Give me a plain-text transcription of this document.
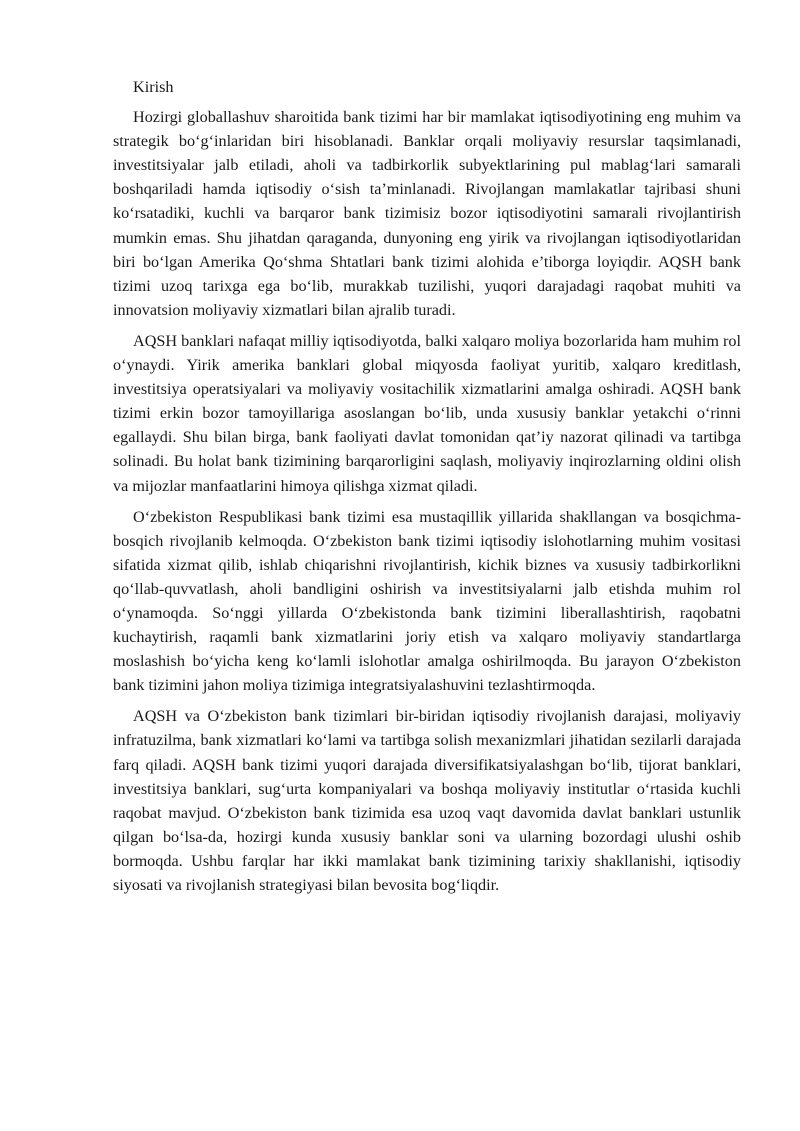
Kirish

Hozirgi globallashuv sharoitida bank tizimi har bir mamlakat iqtisodiyotining eng muhim va strategik bo‘g‘inlaridan biri hisoblanadi. Banklar orqali moliyaviy resurslar taqsimlanadi, investitsiyalar jalb etiladi, aholi va tadbirkorlik subyektlarining pul mablag‘lari samarali boshqariladi hamda iqtisodiy o‘sish ta’minlanadi. Rivojlangan mamlakatlar tajribasi shuni ko‘rsatadiki, kuchli va barqaror bank tizimisiz bozor iqtisodiyotini samarali rivojlantirish mumkin emas. Shu jihatdan qaraganda, dunyoning eng yirik va rivojlangan iqtisodiyotlaridan biri bo‘lgan Amerika Qo‘shma Shtatlari bank tizimi alohida e’tiborga loyiqdir. AQSH bank tizimi uzoq tarixga ega bo‘lib, murakkab tuzilishi, yuqori darajadagi raqobat muhiti va innovatsion moliyaviy xizmatlari bilan ajralib turadi.

AQSH banklari nafaqat milliy iqtisodiyotda, balki xalqaro moliya bozorlarida ham muhim rol o‘ynaydi. Yirik amerika banklari global miqyosda faoliyat yuritib, xalqaro kreditlash, investitsiya operatsiyalari va moliyaviy vositachilik xizmatlarini amalga oshiradi. AQSH bank tizimi erkin bozor tamoyillariga asoslangan bo‘lib, unda xususiy banklar yetakchi o‘rinni egallaydi. Shu bilan birga, bank faoliyati davlat tomonidan qat’iy nazorat qilinadi va tartibga solinadi. Bu holat bank tizimining barqarorligini saqlash, moliyaviy inqirozlarning oldini olish va mijozlar manfaatlarini himoya qilishga xizmat qiladi.

O‘zbekiston Respublikasi bank tizimi esa mustaqillik yillarida shakllangan va bosqichma-bosqich rivojlanib kelmoqda. O‘zbekiston bank tizimi iqtisodiy islohotlarning muhim vositasi sifatida xizmat qilib, ishlab chiqarishni rivojlantirish, kichik biznes va xususiy tadbirkorlikni qo‘llab-quvvatlash, aholi bandligini oshirish va investitsiyalarni jalb etishda muhim rol o‘ynamoqda. So‘nggi yillarda O‘zbekistonda bank tizimini liberallashtirish, raqobatni kuchaytirish, raqamli bank xizmatlarini joriy etish va xalqaro moliyaviy standartlarga moslashish bo‘yicha keng ko‘lamli islohotlar amalga oshirilmoqda. Bu jarayon O‘zbekiston bank tizimini jahon moliya tizimiga integratsiyalashuvini tezlashtirmoqda.

AQSH va O‘zbekiston bank tizimlari bir-biridan iqtisodiy rivojlanish darajasi, moliyaviy infratuzilma, bank xizmatlari ko‘lami va tartibga solish mexanizmlari jihatidan sezilarli darajada farq qiladi. AQSH bank tizimi yuqori darajada diversifikatsiyalashgan bo‘lib, tijorat banklari, investitsiya banklari, sug‘urta kompaniyalari va boshqa moliyaviy institutlar o‘rtasida kuchli raqobat mavjud. O‘zbekiston bank tizimida esa uzoq vaqt davomida davlat banklari ustunlik qilgan bo‘lsa-da, hozirgi kunda xususiy banklar soni va ularning bozordagi ulushi oshib bormoqda. Ushbu farqlar har ikki mamlakat bank tizimining tarixiy shakllanishi, iqtisodiy siyosati va rivojlanish strategiyasi bilan bevosita bog‘liqdir.
